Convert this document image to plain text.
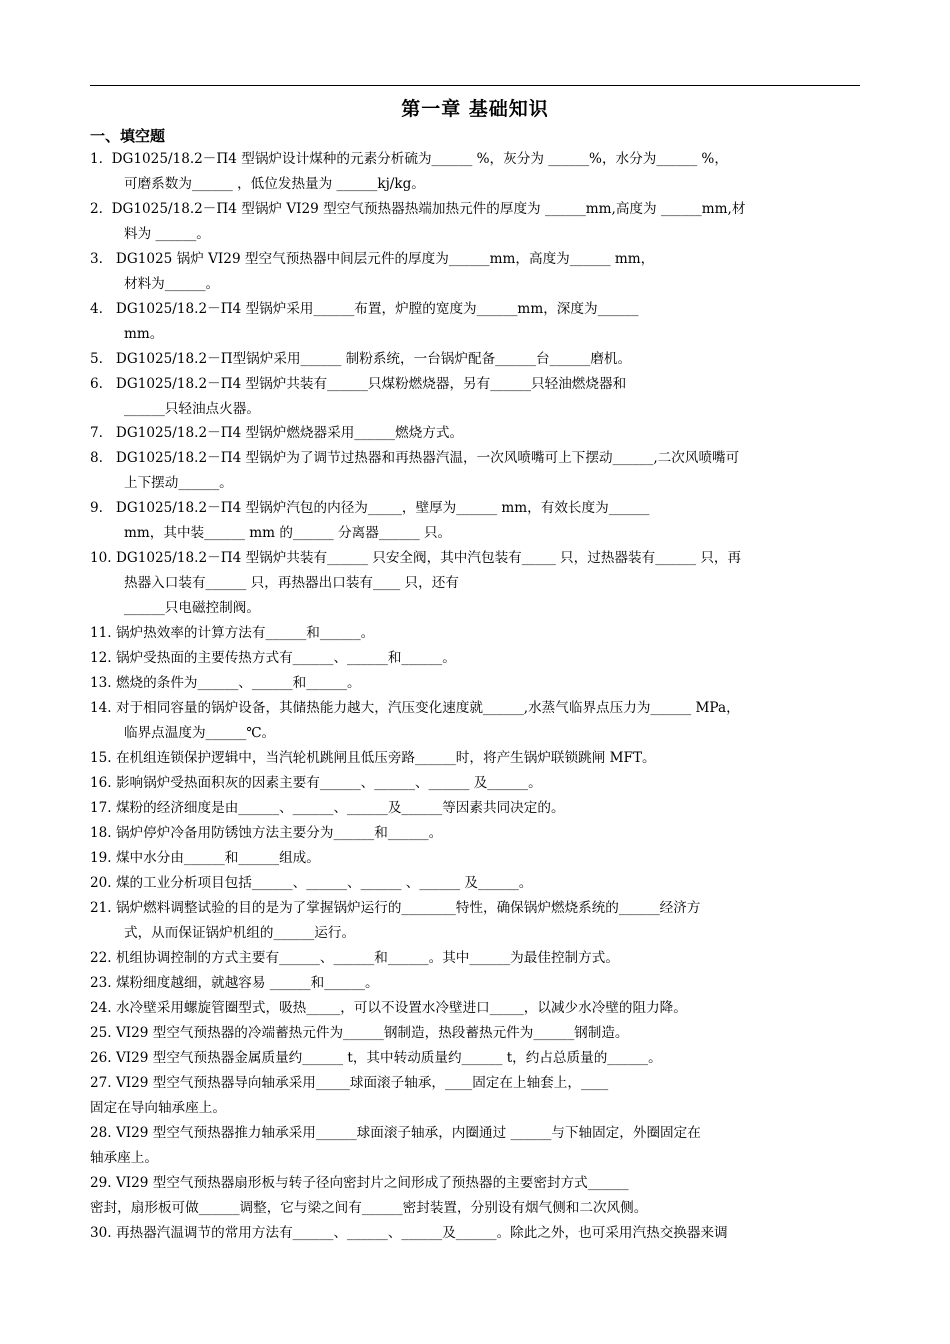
第一章 基础知识
一、填空题
1.  DG1025/18.2－Π4 型锅炉设计煤种的元素分析硫为______ %，灰分为 ______%，水分为______ %，
可磨系数为______ ，低位发热量为 ______kj/kg。
2.  DG1025/18.2－Π4 型锅炉 VI29 型空气预热器热端加热元件的厚度为 ______mm,高度为 ______mm,材
料为 ______。
3.   DG1025 锅炉 VI29 型空气预热器中间层元件的厚度为______mm，高度为______ mm，
材料为______。
4.   DG1025/18.2－Π4 型锅炉采用______布置，炉膛的宽度为______mm，深度为______
mm。
5.   DG1025/18.2－Π型锅炉采用______ 制粉系统，一台锅炉配备______台______磨机。
6.   DG1025/18.2－Π4 型锅炉共装有______只煤粉燃烧器，另有______只轻油燃烧器和
______只轻油点火器。
7.   DG1025/18.2－Π4 型锅炉燃烧器采用______燃烧方式。
8.   DG1025/18.2－Π4 型锅炉为了调节过热器和再热器汽温，一次风喷嘴可上下摆动______,二次风喷嘴可
上下摆动______。
9.   DG1025/18.2－Π4 型锅炉汽包的内径为_____，壁厚为______ mm，有效长度为______
mm，其中装______ mm 的______ 分离器______ 只。
10. DG1025/18.2－Π4 型锅炉共装有______ 只安全阀，其中汽包装有_____ 只，过热器装有______ 只，再
热器入口装有______ 只，再热器出口装有____ 只，还有
______只电磁控制阀。
11. 锅炉热效率的计算方法有______和______。
12. 锅炉受热面的主要传热方式有______、______和______。
13. 燃烧的条件为______、______和______。
14. 对于相同容量的锅炉设备，其储热能力越大，汽压变化速度就______,水蒸气临界点压力为______ MPa，
临界点温度为______℃。
15. 在机组连锁保护逻辑中，当汽轮机跳闸且低压旁路______时，将产生锅炉联锁跳闸 MFT。
16. 影响锅炉受热面积灰的因素主要有______、______、______ 及______。
17. 煤粉的经济细度是由______、______、______及______等因素共同决定的。
18. 锅炉停炉冷备用防锈蚀方法主要分为______和______。
19. 煤中水分由______和______组成。
20. 煤的工业分析项目包括______、______、______ 、______ 及______。
21. 锅炉燃料调整试验的目的是为了掌握锅炉运行的________特性，确保锅炉燃烧系统的______经济方
式，从而保证锅炉机组的______运行。
22. 机组协调控制的方式主要有______、______和______。其中______为最佳控制方式。
23. 煤粉细度越细，就越容易 ______和______。
24. 水冷壁采用螺旋管圈型式，吸热_____，可以不设置水冷壁进口_____，以减少水冷壁的阻力降。
25. VI29 型空气预热器的冷端蓄热元件为______钢制造，热段蓄热元件为______钢制造。
26. VI29 型空气预热器金属质量约______ t，其中转动质量约______ t，约占总质量的______。
27. VI29 型空气预热器导向轴承采用_____球面滚子轴承，____固定在上轴套上，____
固定在导向轴承座上。
28. VI29 型空气预热器推力轴承采用______球面滚子轴承，内圈通过 ______与下轴固定，外圈固定在
轴承座上。
29. VI29 型空气预热器扇形板与转子径向密封片之间形成了预热器的主要密封方式______
密封，扇形板可做______调整，它与梁之间有______密封装置，分别设有烟气侧和二次风侧。
30. 再热器汽温调节的常用方法有______、______、______及______。除此之外，也可采用汽热交换器来调
